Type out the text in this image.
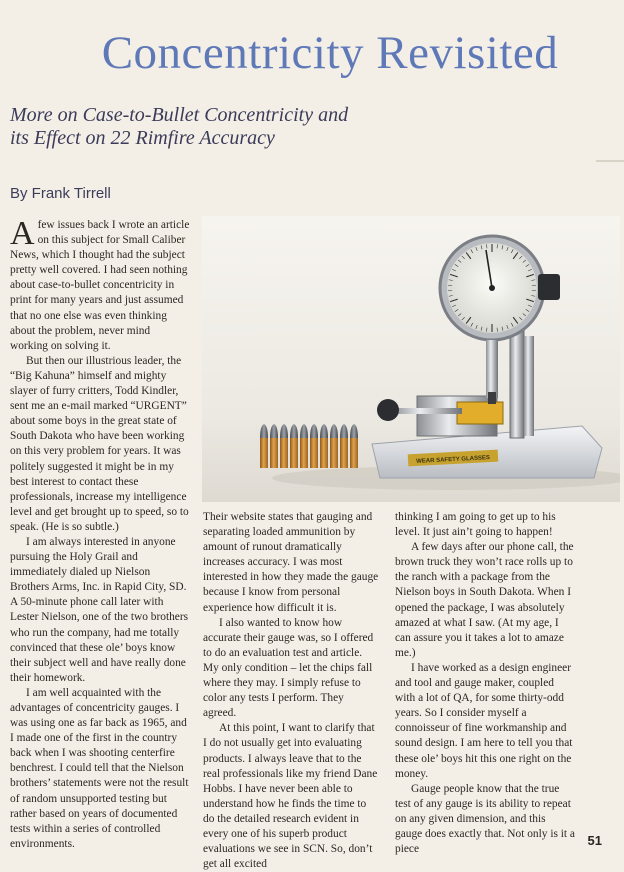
Concentricity Revisited
More on Case-to-Bullet Concentricity and its Effect on 22 Rimfire Accuracy
By Frank Tirrell

Afew issues back I wrote an article on this subject for Small Caliber News, which I thought had the subject pretty well covered. I had seen nothing about case-to-bullet concentricity in print for many years and just assumed that no one else was even thinking about the problem, never mind working on solving it.

But then our illustrious leader, the “Big Kahuna” himself and mighty slayer of furry critters, Todd Kindler, sent me an e-mail marked “URGENT” about some boys in the great state of South Dakota who have been working on this very problem for years. It was politely suggested it might be in my best interest to contact these professionals, increase my intelligence level and get brought up to speed, so to speak. (He is so subtle.)

I am always interested in anyone pursuing the Holy Grail and immediately dialed up Nielson Brothers Arms, Inc. in Rapid City, SD. A 50-minute phone call later with Lester Nielson, one of the two brothers who run the company, had me totally convinced that these ole’ boys know their subject well and have really done their homework.

I am well acquainted with the advantages of concentricity gauges. I was using one as far back as 1965, and I made one of the first in the country back when I was shooting centerfire benchrest. I could tell that the Nielson brothers’ statements were not the result of random unsupported testing but rather based on years of documented tests within a series of controlled environments.

WEAR SAFETY GLASSES

Their website states that gauging and separating loaded ammunition by amount of runout dramatically increases accuracy. I was most interested in how they made the gauge because I know from personal experience how difficult it is.

I also wanted to know how accurate their gauge was, so I offered to do an evaluation test and article. My only condition – let the chips fall where they may. I simply refuse to color any tests I perform. They agreed.

At this point, I want to clarify that I do not usually get into evaluating products. I always leave that to the real professionals like my friend Dane Hobbs. I have never been able to understand how he finds the time to do the detailed research evident in every one of his superb product evaluations we see in SCN. So, don’t get all excited

thinking I am going to get up to his level. It just ain’t going to happen!

A few days after our phone call, the brown truck they won’t race rolls up to the ranch with a package from the Nielson boys in South Dakota. When I opened the package, I was absolutely amazed at what I saw. (At my age, I can assure you it takes a lot to amaze me.)

I have worked as a design engineer and tool and gauge maker, coupled with a lot of QA, for some thirty-odd years. So I consider myself a connoisseur of fine workmanship and sound design. I am here to tell you that these ole’ boys hit this one right on the money.

Gauge people know that the true test of any gauge is its ability to repeat on any given dimension, and this gauge does exactly that. Not only is it a piece

51
